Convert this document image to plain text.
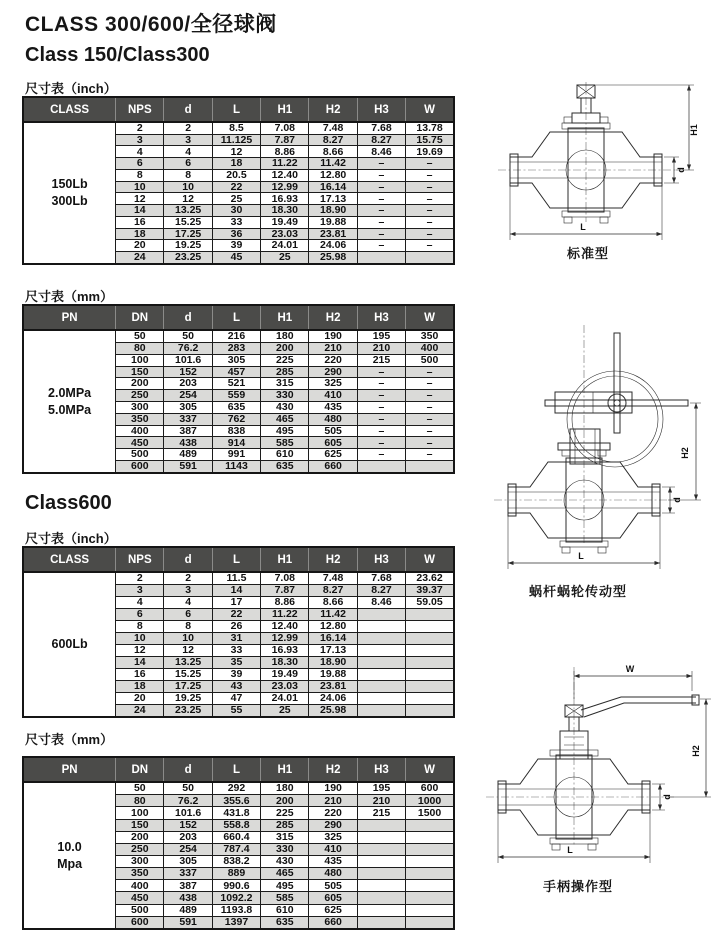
CLASS 300/600/全径球阀
Class 150/Class300
尺寸表（inch）
CLASS	NPS	d	L	H1	H2	H3	W

150Lb
300Lb	2	2	8.5	7.08	7.48	7.68	13.78
	3	3	11.125	7.87	8.27	8.27	15.75
	4	4	12	8.86	8.66	8.46	19.69
	6	6	18	11.22	11.42	–	–
	8	8	20.5	12.40	12.80	–	–
	10	10	22	12.99	16.14	–	–
	12	12	25	16.93	17.13	–	–
	14	13.25	30	18.30	18.90	–	–
	16	15.25	33	19.49	19.88	–	–
	18	17.25	36	23.03	23.81	–	–
	20	19.25	39	24.01	24.06	–	–
	24	23.25	45	25	25.98		
尺寸表（mm）
PN	DN	d	L	H1	H2	H3	W

2.0MPa
5.0MPa	50	50	216	180	190	195	350
	80	76.2	283	200	210	210	400
	100	101.6	305	225	220	215	500
	150	152	457	285	290	–	–
	200	203	521	315	325	–	–
	250	254	559	330	410	–	–
	300	305	635	430	435	–	–
	350	337	762	465	480	–	–
	400	387	838	495	505	–	–
	450	438	914	585	605	–	–
	500	489	991	610	625	–	–
	600	591	1143	635	660		
Class600
尺寸表（inch）
CLASS	NPS	d	L	H1	H2	H3	W

600Lb	2	2	11.5	7.08	7.48	7.68	23.62
	3	3	14	7.87	8.27	8.27	39.37
	4	4	17	8.86	8.66	8.46	59.05
	6	6	22	11.22	11.42		
	8	8	26	12.40	12.80		
	10	10	31	12.99	16.14		
	12	12	33	16.93	17.13		
	14	13.25	35	18.30	18.90		
	16	15.25	39	19.49	19.88		
	18	17.25	43	23.03	23.81		
	20	19.25	47	24.01	24.06		
	24	23.25	55	25	25.98		
尺寸表（mm）
PN	DN	d	L	H1	H2	H3	W

10.0
Mpa	50	50	292	180	190	195	600
	80	76.2	355.6	200	210	210	1000
	100	101.6	431.8	225	220	215	1500
	150	152	558.8	285	290		
	200	203	660.4	315	325		
	250	254	787.4	330	410		
	300	305	838.2	430	435		
	350	337	889	465	480		
	400	387	990.6	495	505		
	450	438	1092.2	585	605		
	500	489	1193.8	610	625		
	600	591	1397	635	660		
H1
d
L
标准型
H2
d
L
蜗杆蜗轮传动型
W
H2
d
L
手柄操作型
